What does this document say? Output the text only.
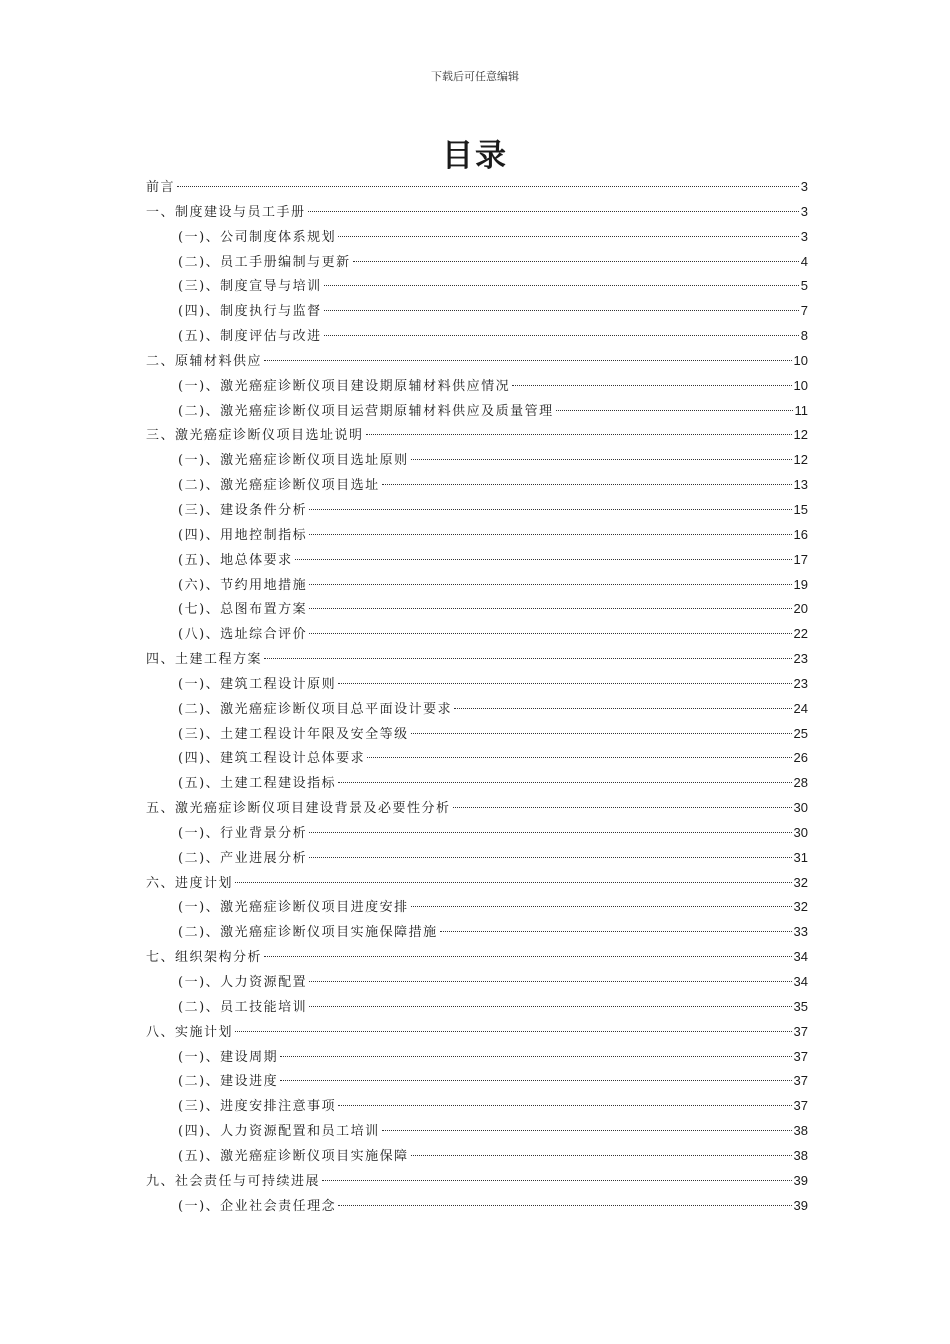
下载后可任意编辑
目录
前言	3
一、制度建设与员工手册	3
(一)、公司制度体系规划	3
(二)、员工手册编制与更新	4
(三)、制度宣导与培训	5
(四)、制度执行与监督	7
(五)、制度评估与改进	8
二、原辅材料供应	10
(一)、激光癌症诊断仪项目建设期原辅材料供应情况	10
(二)、激光癌症诊断仪项目运营期原辅材料供应及质量管理	11
三、激光癌症诊断仪项目选址说明	12
(一)、激光癌症诊断仪项目选址原则	12
(二)、激光癌症诊断仪项目选址	13
(三)、建设条件分析	15
(四)、用地控制指标	16
(五)、地总体要求	17
(六)、节约用地措施	19
(七)、总图布置方案	20
(八)、选址综合评价	22
四、土建工程方案	23
(一)、建筑工程设计原则	23
(二)、激光癌症诊断仪项目总平面设计要求	24
(三)、土建工程设计年限及安全等级	25
(四)、建筑工程设计总体要求	26
(五)、土建工程建设指标	28
五、激光癌症诊断仪项目建设背景及必要性分析	30
(一)、行业背景分析	30
(二)、产业进展分析	31
六、进度计划	32
(一)、激光癌症诊断仪项目进度安排	32
(二)、激光癌症诊断仪项目实施保障措施	33
七、组织架构分析	34
(一)、人力资源配置	34
(二)、员工技能培训	35
八、实施计划	37
(一)、建设周期	37
(二)、建设进度	37
(三)、进度安排注意事项	37
(四)、人力资源配置和员工培训	38
(五)、激光癌症诊断仪项目实施保障	38
九、社会责任与可持续进展	39
(一)、企业社会责任理念	39
